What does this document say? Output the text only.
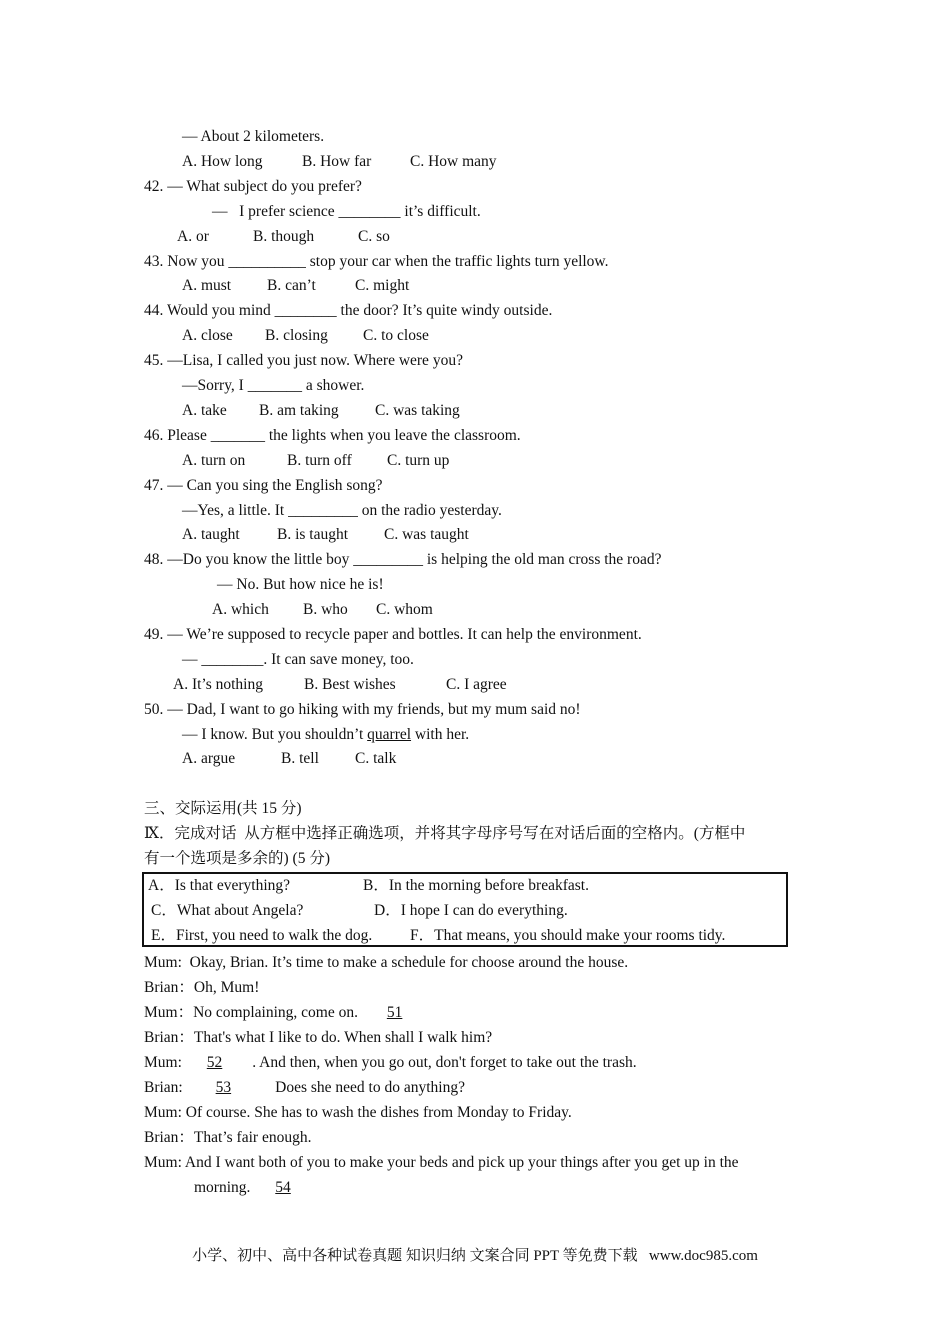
— About 2 kilometers.
A. How long	B. How far C. How many
42. — What subject do you prefer?
—   I prefer science ________ it’s difficult.
A. or	B. though	C. so
43. Now you __________ stop your car when the traffic lights turn yellow.
A. must B. can’t	C. might
44. Would you mind ________ the door? It’s quite windy outside.
A. close B. closing C. to close
45. —Lisa, I called you just now. Where were you?
—Sorry, I _______ a shower.
A. take B. am taking C. was taking
46. Please _______ the lights when you leave the classroom.
A. turn on	B. turn off C. turn up
47. — Can you sing the English song?
—Yes, a little. It _________ on the radio yesterday.
A. taught B. is taught C. was taught
48. —Do you know the little boy _________ is helping the old man cross the road?
— No. But how nice he is!
A. which B. who C. whom
49. — We’re supposed to recycle paper and bottles. It can help the environment.
— ________. It can save money, too.
A. It’s nothing	B. Best wishes	C. I agree
50. — Dad, I want to go hiking with my friends, but my mum said no!
— I know. But you shouldn’t quarrel with her.
A. argue	B. tell C. talk
三、交际运用(共 15 分)
Ⅸ．完成对话  从方框中选择正确选项，并将其字母序号写在对话后面的空格内。(方框中
有一个选项是多余的) (5 分)
A．Is that everything?	B．In the morning before breakfast.
C．What about Angela?	D．I hope I can do everything.
E．First, you need to walk the dog. F．That means, you should make your rooms tidy.
Mum:  Okay, Brian. It’s time to make a schedule for choose around the house.
Brian：Oh, Mum!
Mum：No complaining, come on. 51
Brian：That's what I like to do. When shall I walk him?
Mum: 52 . And then, when you go out, don't forget to take out the trash.
Brian: 53	Does she need to do anything?
Mum: Of course. She has to wash the dishes from Monday to Friday.
Brian：That’s fair enough.
Mum: And I want both of you to make your beds and pick up your things after you get up in the
morning. 54
小学、初中、高中各种试卷真题 知识归纳 文案合同 PPT 等免费下载   www.doc985.com
